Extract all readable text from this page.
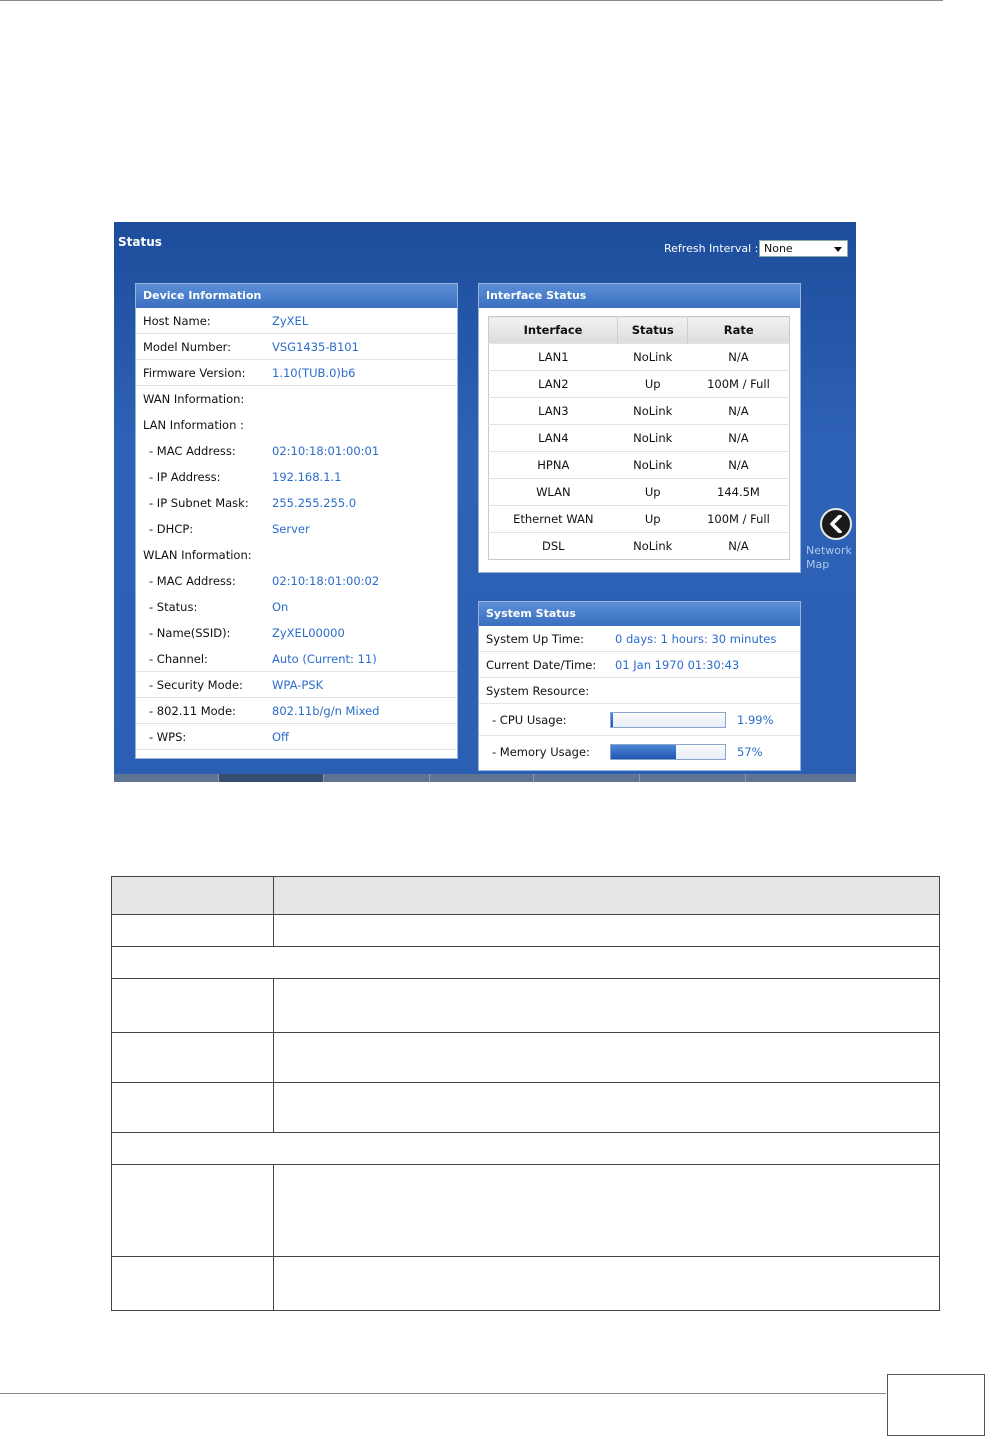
Status	Refresh Interval : None
Device Information
Host Name:	ZyXEL
Model Number:	VSG1435-B101
Firmware Version: 1.10(TUB.0)b6
WAN Information:
LAN Information :
- MAC Address:	02:10:18:01:00:01
- IP Address:	192.168.1.1
- IP Subnet Mask: 255.255.255.0
- DHCP:	Server
WLAN Information:
- MAC Address:	02:10:18:01:00:02
- Status:	On
- Name(SSID):	ZyXEL00000
- Channel:	Auto (Current: 11)
- Security Mode:	WPA-PSK
- 802.11 Mode:	802.11b/g/n Mixed
- WPS:	Off
Interface Status
Interface	Status	Rate
LAN1	NoLink	N/A
LAN2	Up	100M / Full
LAN3	NoLink	N/A
LAN4	NoLink	N/A
HPNA	NoLink	N/A
WLAN	Up	144.5M
Ethernet WAN	Up	100M / Full
DSL	NoLink	N/A	Network
Map
System Status
System Up Time:	0 days: 1 hours: 30 minutes
Current Date/Time: 01 Jan 1970 01:30:43
System Resource:
- CPU Usage:	1.99%
- Memory Usage:	57%
